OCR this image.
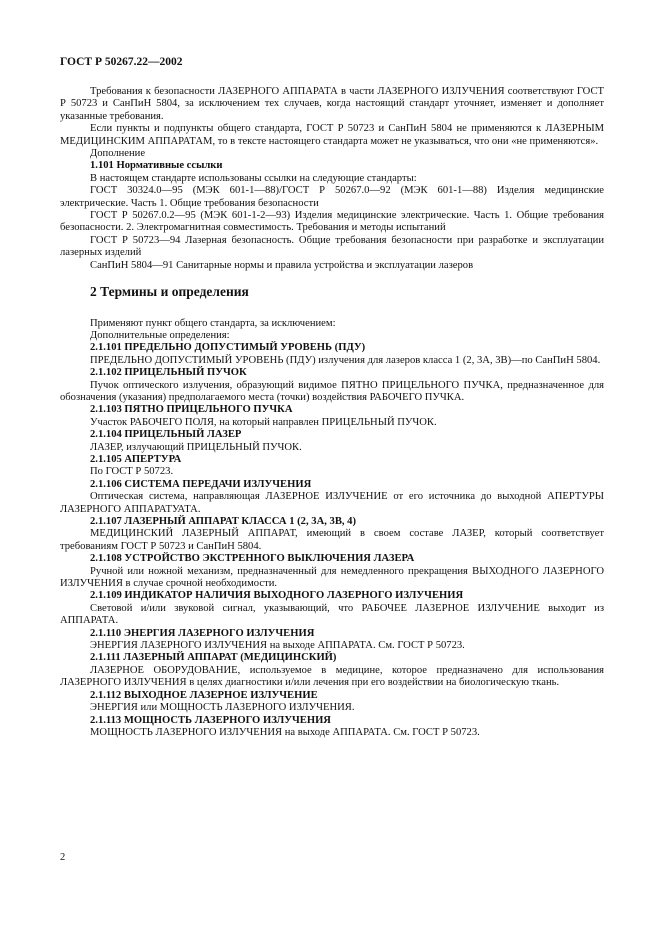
ГОСТ Р 50267.22—2002

Требования к безопасности ЛАЗЕРНОГО АППАРАТА в части ЛАЗЕРНОГО ИЗЛУЧЕНИЯ соответствуют ГОСТ Р 50723 и СанПиН 5804, за исключением тех случаев, когда настоящий стандарт уточняет, изменяет и дополняет указанные требования.

Если пункты и подпункты общего стандарта, ГОСТ Р 50723 и СанПиН 5804 не применяются к ЛАЗЕРНЫМ МЕДИЦИНСКИМ АППАРАТАМ, то в тексте настоящего стандарта может не указываться, что они «не применяются».

Дополнение

1.101 Нормативные ссылки

В настоящем стандарте использованы ссылки на следующие стандарты:

ГОСТ 30324.0—95 (МЭК 601-1—88)/ГОСТ Р 50267.0—92 (МЭК 601-1—88) Изделия медицинские электрические. Часть 1. Общие требования безопасности

ГОСТ Р 50267.0.2—95 (МЭК 601-1-2—93) Изделия медицинские электрические. Часть 1. Общие требования безопасности. 2. Электромагнитная совместимость. Требования и методы испытаний

ГОСТ Р 50723—94 Лазерная безопасность. Общие требования безопасности при разработке и эксплуатации лазерных изделий

СанПиН 5804—91 Санитарные нормы и правила устройства и эксплуатации лазеров

2 Термины и определения

Применяют пункт общего стандарта, за исключением:

Дополнительные определения:

2.1.101 ПРЕДЕЛЬНО ДОПУСТИМЫЙ УРОВЕНЬ (ПДУ)

ПРЕДЕЛЬНО ДОПУСТИМЫЙ УРОВЕНЬ (ПДУ) излучения для лазеров класса 1 (2, 3А, 3В)—по СанПиН 5804.

2.1.102 ПРИЦЕЛЬНЫЙ ПУЧОК

Пучок оптического излучения, образующий видимое ПЯТНО ПРИЦЕЛЬНОГО ПУЧКА, предназначенное для обозначения (указания) предполагаемого места (точки) воздействия РАБОЧЕГО ПУЧКА.

2.1.103 ПЯТНО ПРИЦЕЛЬНОГО ПУЧКА

Участок РАБОЧЕГО ПОЛЯ, на который направлен ПРИЦЕЛЬНЫЙ ПУЧОК.

2.1.104 ПРИЦЕЛЬНЫЙ ЛАЗЕР

ЛАЗЕР, излучающий ПРИЦЕЛЬНЫЙ ПУЧОК.

2.1.105 АПЕРТУРА

По ГОСТ Р 50723.

2.1.106 СИСТЕМА ПЕРЕДАЧИ ИЗЛУЧЕНИЯ

Оптическая система, направляющая ЛАЗЕРНОЕ ИЗЛУЧЕНИЕ от его источника до выходной АПЕРТУРЫ ЛАЗЕРНОГО АППАРАТУАТА.

2.1.107 ЛАЗЕРНЫЙ АППАРАТ КЛАССА 1 (2, 3А, 3В, 4)

МЕДИЦИНСКИЙ ЛАЗЕРНЫЙ АППАРАТ, имеющий в своем составе ЛАЗЕР, который соответствует требованиям ГОСТ Р 50723 и СанПиН 5804.

2.1.108 УСТРОЙСТВО ЭКСТРЕННОГО ВЫКЛЮЧЕНИЯ ЛАЗЕРА

Ручной или ножной механизм, предназначенный для немедленного прекращения ВЫХОДНОГО ЛАЗЕРНОГО ИЗЛУЧЕНИЯ в случае срочной необходимости.

2.1.109 ИНДИКАТОР НАЛИЧИЯ ВЫХОДНОГО ЛАЗЕРНОГО ИЗЛУЧЕНИЯ

Световой и/или звуковой сигнал, указывающий, что РАБОЧЕЕ ЛАЗЕРНОЕ ИЗЛУЧЕНИЕ выходит из АППАРАТА.

2.1.110 ЭНЕРГИЯ ЛАЗЕРНОГО ИЗЛУЧЕНИЯ

ЭНЕРГИЯ ЛАЗЕРНОГО ИЗЛУЧЕНИЯ на выходе АППАРАТА. См. ГОСТ Р 50723.

2.1.111 ЛАЗЕРНЫЙ АППАРАТ (МЕДИЦИНСКИЙ)

ЛАЗЕРНОЕ ОБОРУДОВАНИЕ, используемое в медицине, которое предназначено для использования ЛАЗЕРНОГО ИЗЛУЧЕНИЯ в целях диагностики и/или лечения при его воздействии на биологическую ткань.

2.1.112 ВЫХОДНОЕ ЛАЗЕРНОЕ ИЗЛУЧЕНИЕ

ЭНЕРГИЯ или МОЩНОСТЬ ЛАЗЕРНОГО ИЗЛУЧЕНИЯ.

2.1.113 МОЩНОСТЬ ЛАЗЕРНОГО ИЗЛУЧЕНИЯ

МОЩНОСТЬ ЛАЗЕРНОГО ИЗЛУЧЕНИЯ на выходе АППАРАТА. См. ГОСТ Р 50723.

2
